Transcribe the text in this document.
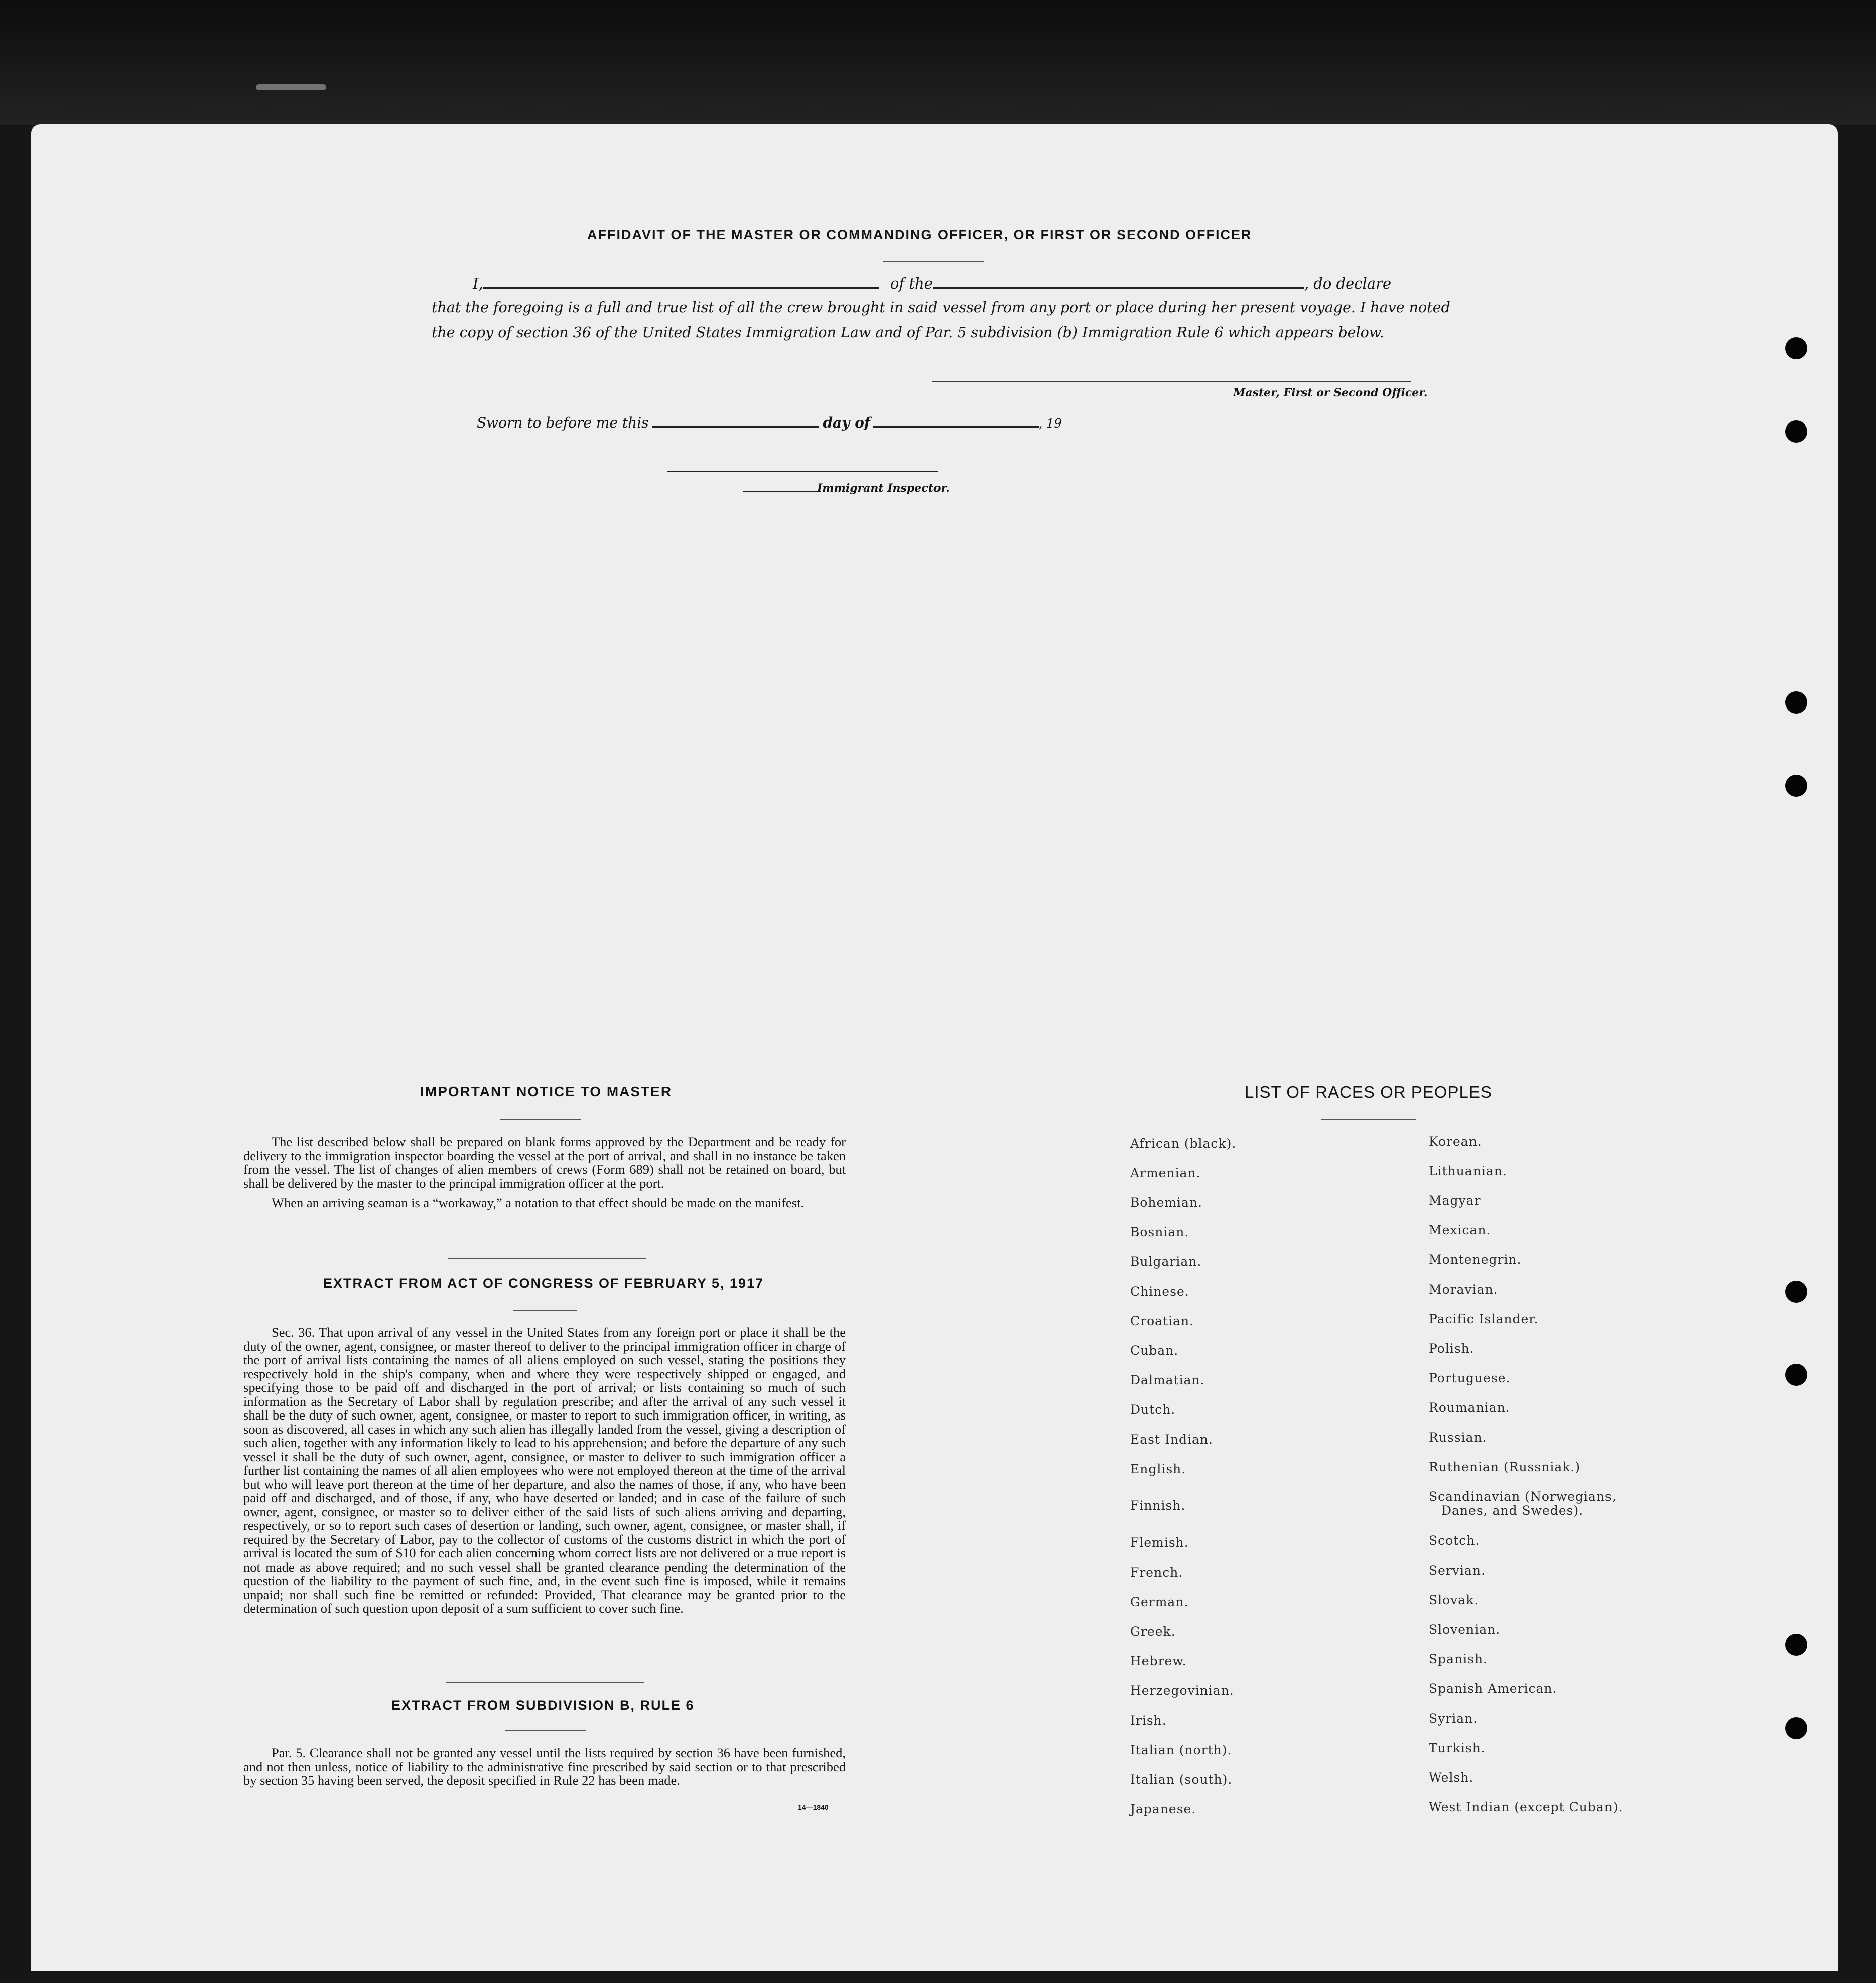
AFFIDAVIT OF THE MASTER OR COMMANDING OFFICER, OR FIRST OR SECOND OFFICER
I,	of the	, do declare
that the foregoing is a full and true list of all the crew brought in said vessel from any port or place during her present voyage. I have noted
the copy of section 36 of the United States Immigration Law and of Par. 5 subdivision (b) Immigration Rule 6 which appears below.
Master, First or Second Officer.
Sworn to before me this	day of	, 19
Immigrant Inspector.
IMPORTANT NOTICE TO MASTER

The list described below shall be prepared on blank forms approved by the Department and be ready for delivery to the immigration inspector boarding the vessel at the port of arrival, and shall in no instance be taken from the vessel. The list of changes of alien members of crews (Form 689) shall not be retained on board, but shall be delivered by the master to the principal immigration officer at the port.

When an arriving seaman is a “workaway,” a notation to that effect should be made on the manifest.

EXTRACT FROM ACT OF CONGRESS OF FEBRUARY 5, 1917

Sec. 36. That upon arrival of any vessel in the United States from any foreign port or place it shall be the duty of the owner, agent, consignee, or master thereof to deliver to the principal immigration officer in charge of the port of arrival lists containing the names of all aliens employed on such vessel, stating the positions they respectively hold in the ship's company, when and where they were respectively shipped or engaged, and specifying those to be paid off and discharged in the port of arrival; or lists containing so much of such information as the Secretary of Labor shall by regulation prescribe; and after the arrival of any such vessel it shall be the duty of such owner, agent, consignee, or master to report to such immigration officer, in writing, as soon as discovered, all cases in which any such alien has illegally landed from the vessel, giving a description of such alien, together with any information likely to lead to his apprehension; and before the departure of any such vessel it shall be the duty of such owner, agent, consignee, or master to deliver to such immigration officer a further list containing the names of all alien employees who were not employed thereon at the time of the arrival but who will leave port thereon at the time of her departure, and also the names of those, if any, who have been paid off and discharged, and of those, if any, who have deserted or landed; and in case of the failure of such owner, agent, consignee, or master so to deliver either of the said lists of such aliens arriving and departing, respectively, or so to report such cases of desertion or landing, such owner, agent, consignee, or master shall, if required by the Secretary of Labor, pay to the collector of customs of the customs district in which the port of arrival is located the sum of $10 for each alien concerning whom correct lists are not delivered or a true report is not made as above required; and no such vessel shall be granted clearance pending the determination of the question of the liability to the payment of such fine, and, in the event such fine is imposed, while it remains unpaid; nor shall such fine be remitted or refunded: Provided, That clearance may be granted prior to the determination of such question upon deposit of a sum sufficient to cover such fine.

EXTRACT FROM SUBDIVISION B, RULE 6

Par. 5. Clearance shall not be granted any vessel until the lists required by section 36 have been furnished, and not then unless, notice of liability to the administrative fine prescribed by said section or to that prescribed by section 35 having been served, the deposit specified in Rule 22 has been made.

14—1840
LIST OF RACES OR PEOPLES
African (black).
Armenian.
Bohemian.
Bosnian.
Bulgarian.
Chinese.
Croatian.
Cuban.
Dalmatian.
Dutch.
East Indian.
English.
Finnish.
Flemish.
French.
German.
Greek.
Hebrew.
Herzegovinian.
Irish.
Italian (north).
Italian (south).
Japanese.
Korean.
Lithuanian.
Magyar
Mexican.
Montenegrin.
Moravian.
Pacific Islander.
Polish.
Portuguese.
Roumanian.
Russian.
Ruthenian (Russniak.)
Scandinavian (Norwegians,
Danes, and Swedes).
Scotch.
Servian.
Slovak.
Slovenian.
Spanish.
Spanish American.
Syrian.
Turkish.
Welsh.
West Indian (except Cuban).
